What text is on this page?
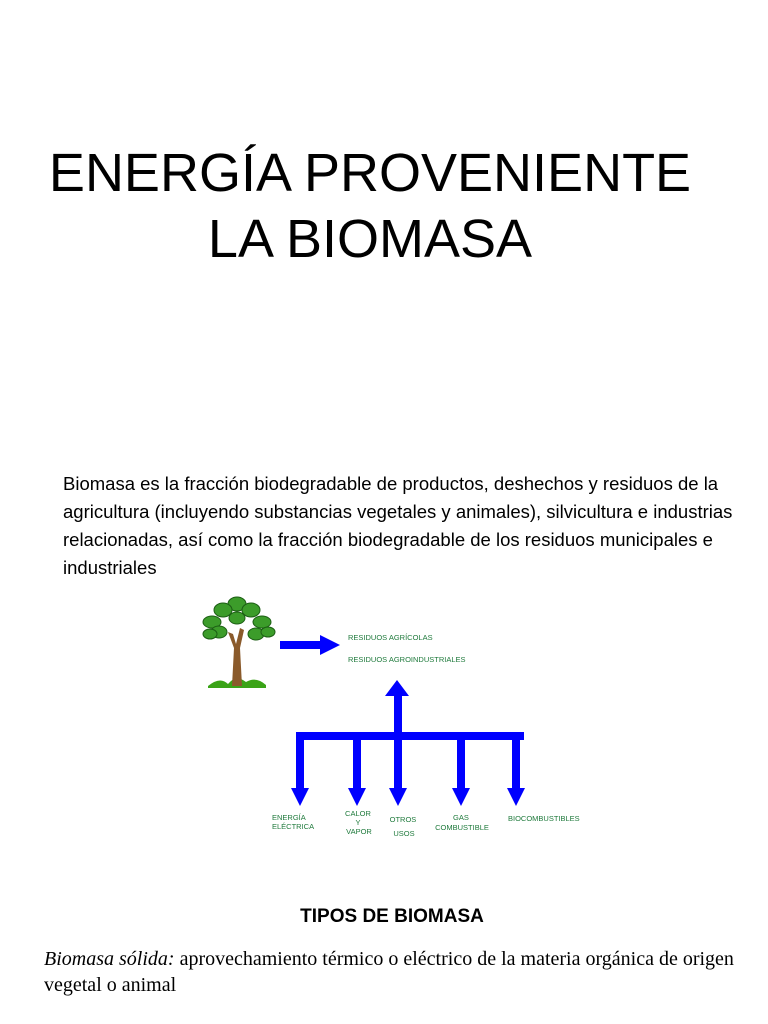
ENERGÍA PROVENIENTE
LA BIOMASA

Biomasa es la fracción biodegradable de productos, deshechos y residuos de la agricultura (incluyendo substancias vegetales y animales), silvicultura e industrias relacionadas, así como la fracción biodegradable de los residuos municipales e industriales

RESIDUOS AGRÍCOLAS
RESIDUOS AGROINDUSTRIALES
ENERGÍA ELÉCTRICA
CALOR Y VAPOR
OTROS USOS
GAS COMBUSTIBLE
BIOCOMBUSTIBLES
TIPOS DE BIOMASA

Biomasa sólida: aprovechamiento térmico o eléctrico de la materia orgánica de origen vegetal o animal
